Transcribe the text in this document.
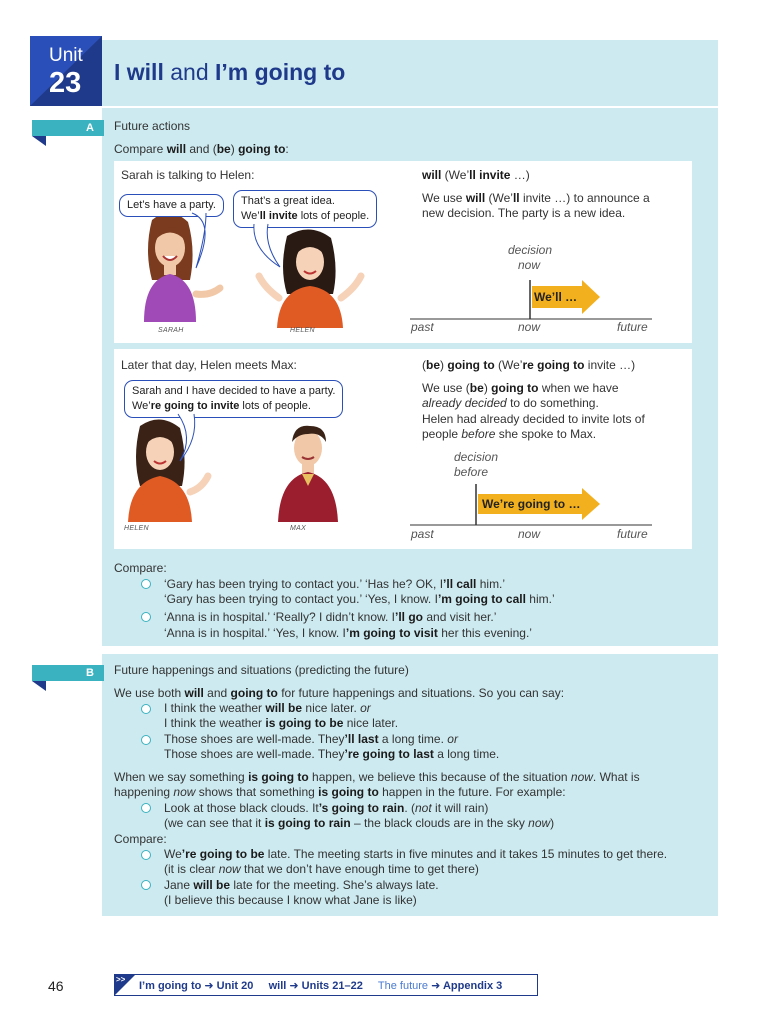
Unit
23 I will and I’m going to
A	Future actions
Compare will and (be) going to:
Sarah is talking to Helen:
SARAH	HELEN
Let’s have a party.	That’s a great idea.
We’ll invite lots of people.
will (We’ll invite …)
We use will (We’ll invite …) to announce a
new decision. The party is a new idea.
decision
now
We’ll …
past	now	future
Later that day, Helen meets Max:
HELEN	MAX
Sarah and I have decided to have a party.
We’re going to invite lots of people.
(be) going to (We’re going to invite …)
We use (be) going to when we have
already decided to do something.
Helen had already decided to invite lots of
people before she spoke to Max.
decision
before
We’re going to …
past	now	future
Compare:
‘Gary has been trying to contact you.’ ‘Has he? OK, I’ll call him.’
‘Gary has been trying to contact you.’ ‘Yes, I know. I’m going to call him.’
‘Anna is in hospital.’ ‘Really? I didn’t know. I’ll go and visit her.’
‘Anna is in hospital.’ ‘Yes, I know. I’m going to visit her this evening.’
B	Future happenings and situations (predicting the future)
We use both will and going to for future happenings and situations. So you can say:
I think the weather will be nice later. or
I think the weather is going to be nice later.
Those shoes are well-made. They’ll last a long time. or
Those shoes are well-made. They’re going to last a long time.
When we say something is going to happen, we believe this because of the situation now. What is
happening now shows that something is going to happen in the future. For example:
Look at those black clouds. It’s going to rain. (not it will rain)
(we can see that it is going to rain – the black clouds are in the sky now)
Compare:
We’re going to be late. The meeting starts in five minutes and it takes 15 minutes to get there.
(it is clear now that we don’t have enough time to get there)
Jane will be late for the meeting. She’s always late.
(I believe this because I know what Jane is like)
46	>>
I’m going to ➜ Unit 20 will ➜ Units 21–22 The future ➜ Appendix 3
